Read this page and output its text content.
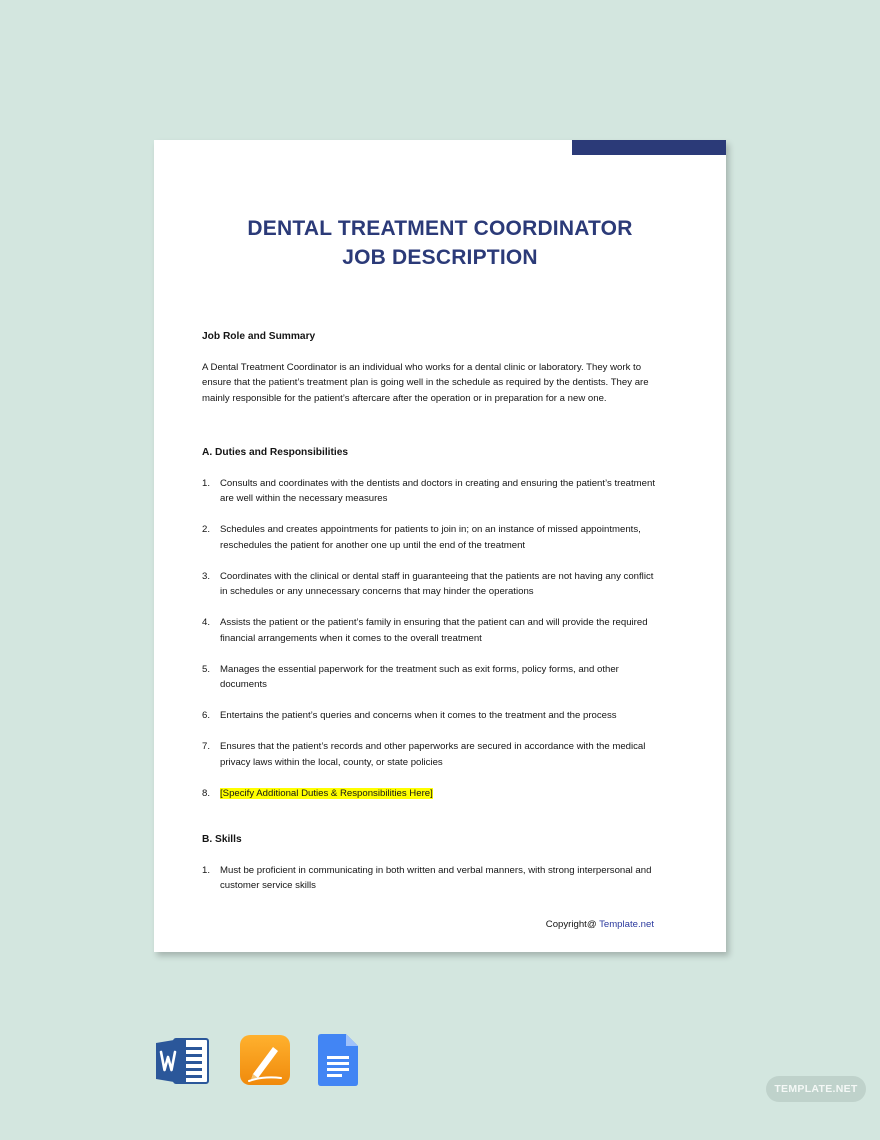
DENTAL TREATMENT COORDINATOR
JOB DESCRIPTION
Job Role and Summary
A Dental Treatment Coordinator is an individual who works for a dental clinic or laboratory. They work to ensure that the patient’s treatment plan is going well in the schedule as required by the dentists. They are mainly responsible for the patient’s aftercare after the operation or in preparation for a new one.
A. Duties and Responsibilities
1. Consults and coordinates with the dentists and doctors in creating and ensuring the patient’s treatment are well within the necessary measures
2. Schedules and creates appointments for patients to join in; on an instance of missed appointments, reschedules the patient for another one up until the end of the treatment
3. Coordinates with the clinical or dental staff in guaranteeing that the patients are not having any conflict in schedules or any unnecessary concerns that may hinder the operations
4. Assists the patient or the patient’s family in ensuring that the patient can and will provide the required financial arrangements when it comes to the overall treatment
5. Manages the essential paperwork for the treatment such as exit forms, policy forms, and other documents
6. Entertains the patient’s queries and concerns when it comes to the treatment and the process
7. Ensures that the patient’s records and other paperworks are secured in accordance with the medical privacy laws within the local, county, or state policies
8. [Specify Additional Duties & Responsibilities Here]
B. Skills
1. Must be proficient in communicating in both written and verbal manners, with strong interpersonal and customer service skills
Copyright@ Template.net
TEMPLATE.NET
